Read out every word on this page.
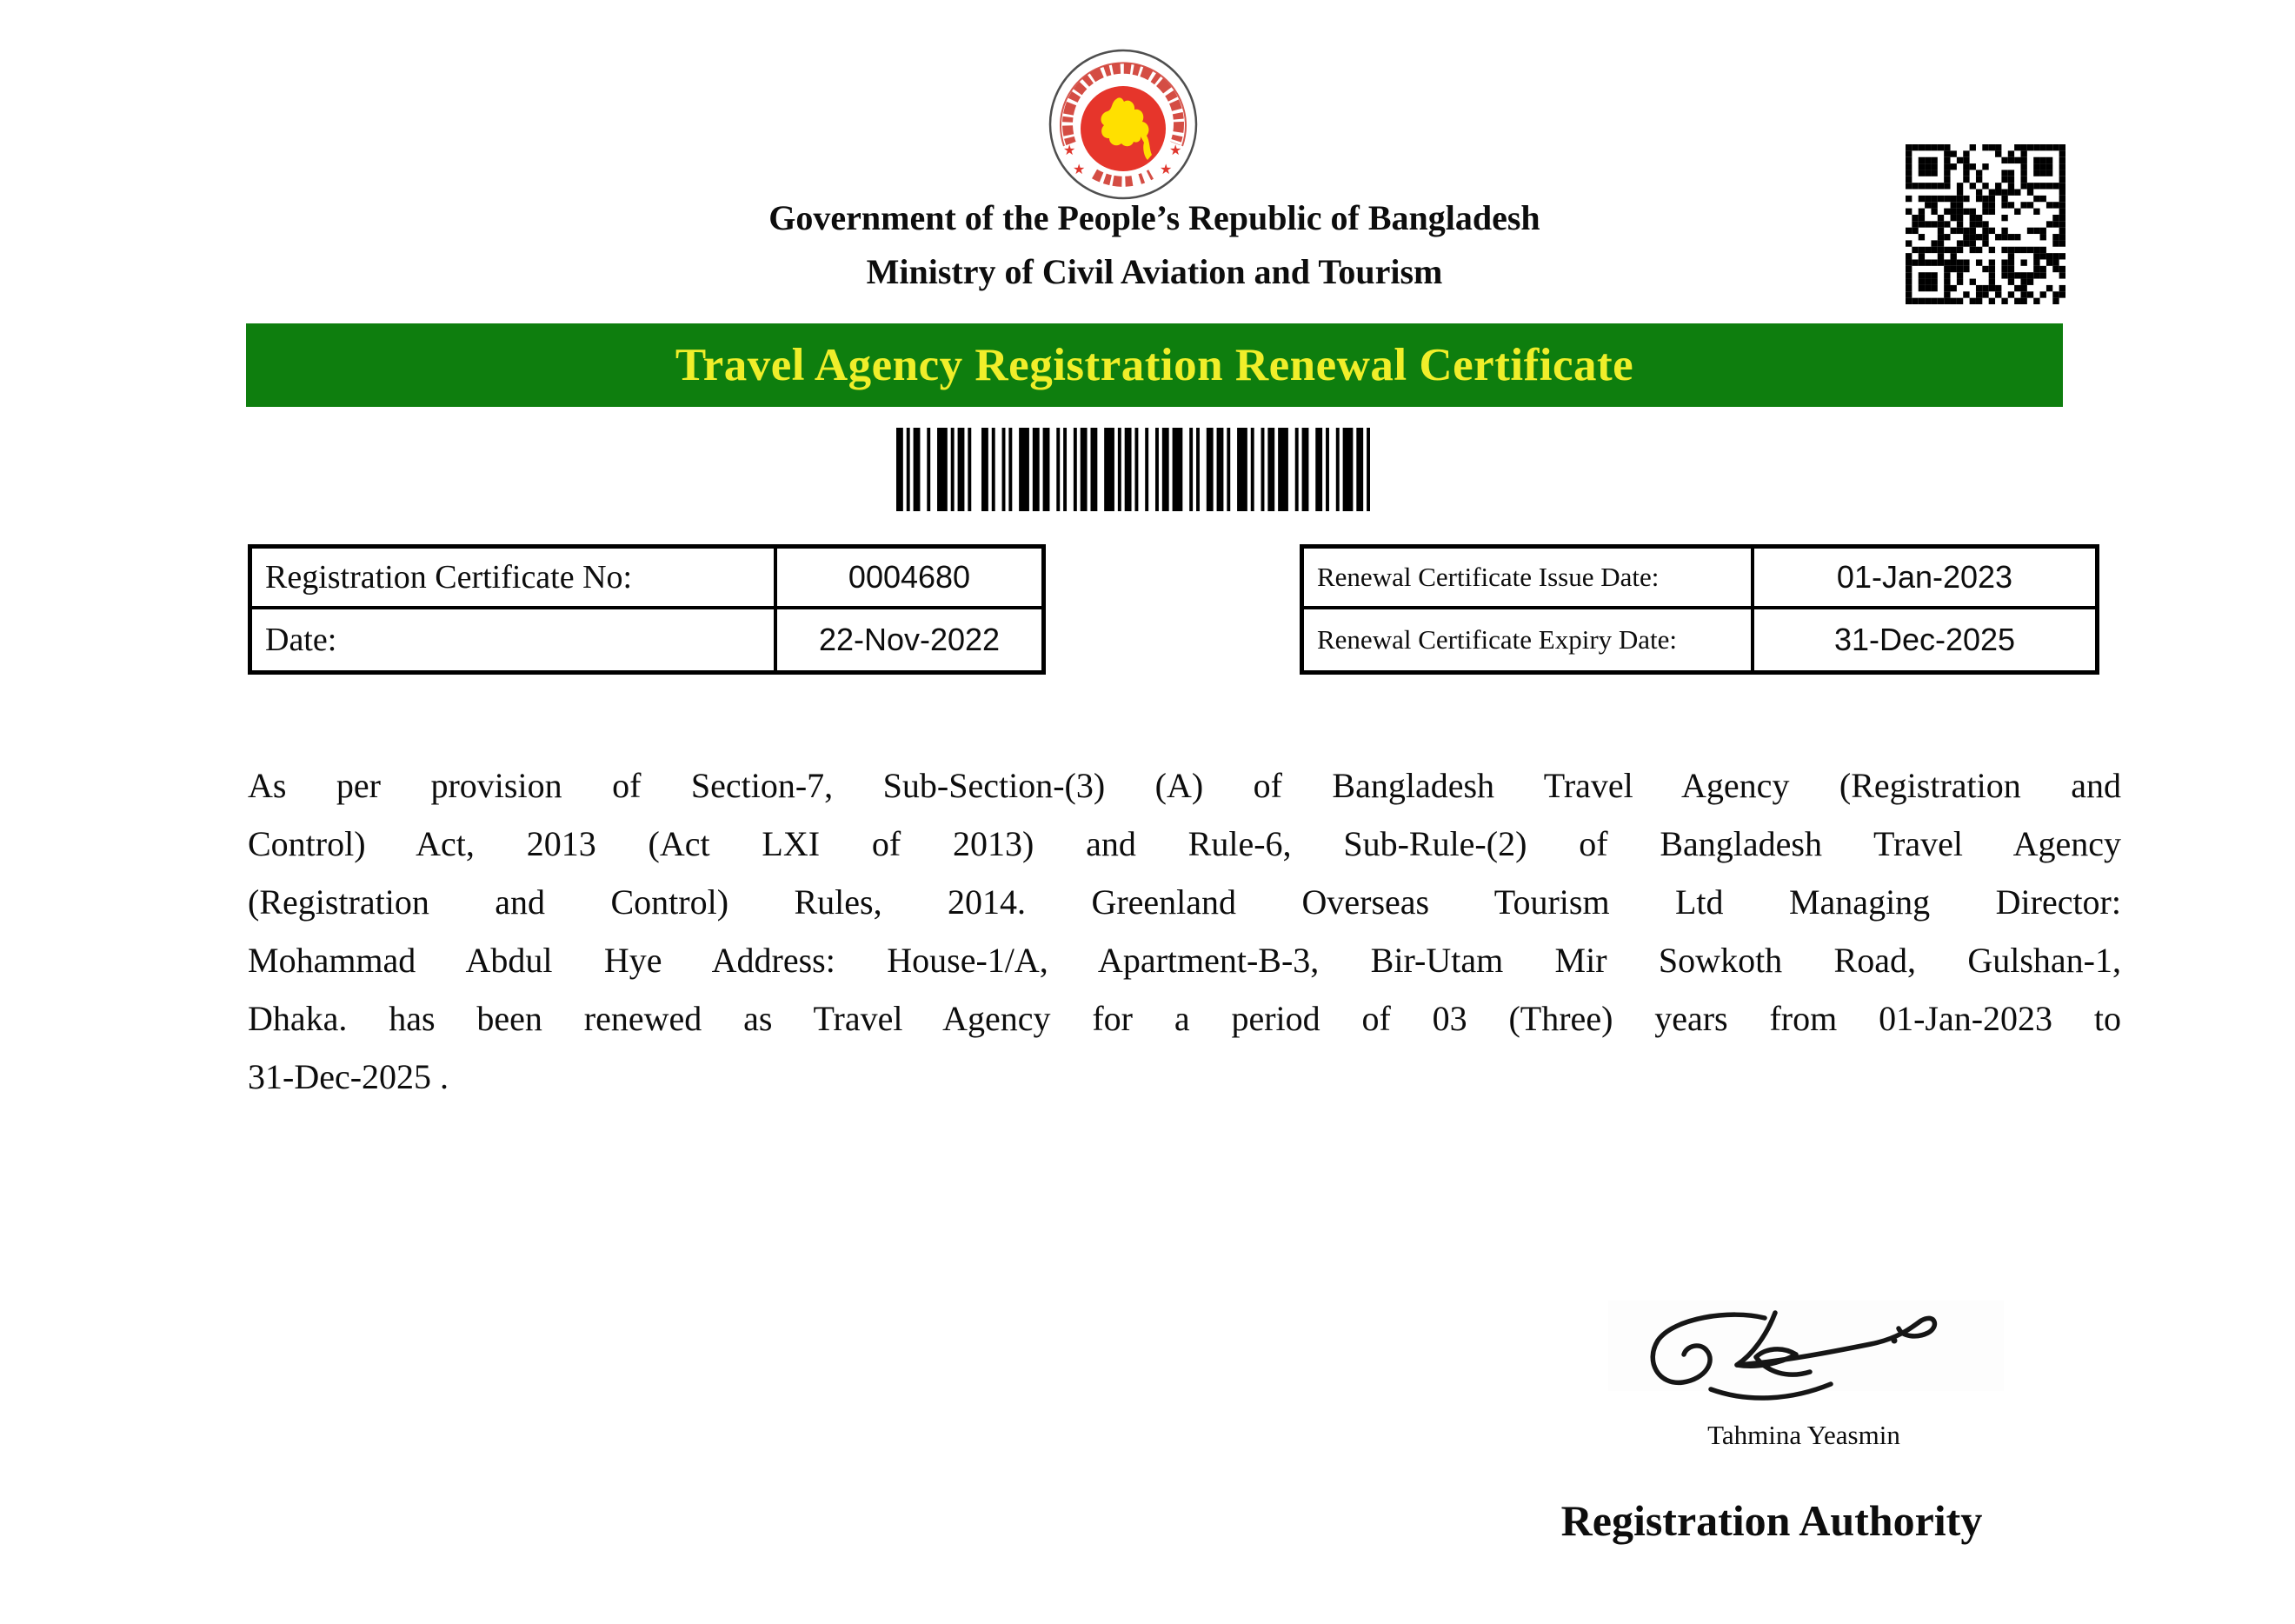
★
★
★
★
Government of the People’s Republic of Bangladesh
Ministry of Civil Aviation and Tourism
Travel Agency Registration Renewal Certificate
Registration Certificate No:	0004680
Date:	22-Nov-2022
Renewal Certificate Issue Date:	01-Jan-2023
Renewal Certificate Expiry Date:	31-Dec-2025
As per provision of Section-7, Sub-Section-(3) (A) of Bangladesh Travel Agency (Registration and
Control) Act, 2013 (Act LXI of 2013) and Rule-6, Sub-Rule-(2) of Bangladesh Travel Agency
(Registration and Control) Rules, 2014. Greenland Overseas Tourism Ltd Managing Director:
Mohammad Abdul Hye Address: House-1/A, Apartment-B-3, Bir-Utam Mir Sowkoth Road, Gulshan-1,
Dhaka. has been renewed as Travel Agency for a period of 03 (Three) years from 01-Jan-2023 to
31-Dec-2025 .
Tahmina Yeasmin
Registration Authority
